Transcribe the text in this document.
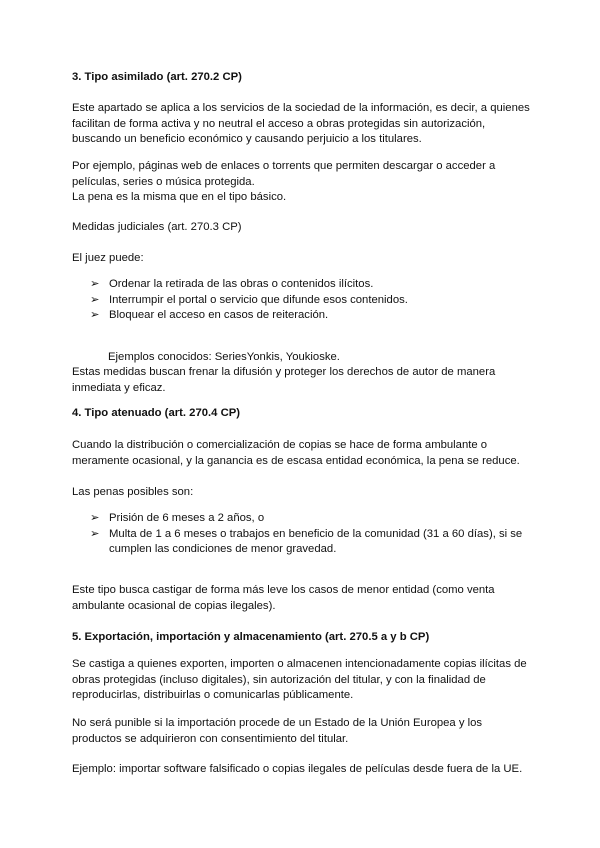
3. Tipo asimilado (art. 270.2 CP)

Este apartado se aplica a los servicios de la sociedad de la información, es decir, a quienes facilitan de forma activa y no neutral el acceso a obras protegidas sin autorización, buscando un beneficio económico y causando perjuicio a los titulares.

Por ejemplo, páginas web de enlaces o torrents que permiten descargar o acceder a películas, series o música protegida.
La pena es la misma que en el tipo básico.

Medidas judiciales (art. 270.3 CP)

El juez puede:

➢ Ordenar la retirada de las obras o contenidos ilícitos.
➢ Interrumpir el portal o servicio que difunde esos contenidos.
➢ Bloquear el acceso en casos de reiteración.

Ejemplos conocidos: SeriesYonkis, Youkioske.

Estas medidas buscan frenar la difusión y proteger los derechos de autor de manera inmediata y eficaz.

4. Tipo atenuado (art. 270.4 CP)

Cuando la distribución o comercialización de copias se hace de forma ambulante o meramente ocasional, y la ganancia es de escasa entidad económica, la pena se reduce.

Las penas posibles son:

➢ Prisión de 6 meses a 2 años, o
➢ Multa de 1 a 6 meses o trabajos en beneficio de la comunidad (31 a 60 días), si se cumplen las condiciones de menor gravedad.

Este tipo busca castigar de forma más leve los casos de menor entidad (como venta ambulante ocasional de copias ilegales).

5. Exportación, importación y almacenamiento (art. 270.5 a y b CP)

Se castiga a quienes exporten, importen o almacenen intencionadamente copias ilícitas de obras protegidas (incluso digitales), sin autorización del titular, y con la finalidad de reproducirlas, distribuirlas o comunicarlas públicamente.

No será punible si la importación procede de un Estado de la Unión Europea y los productos se adquirieron con consentimiento del titular.

Ejemplo: importar software falsificado o copias ilegales de películas desde fuera de la UE.
